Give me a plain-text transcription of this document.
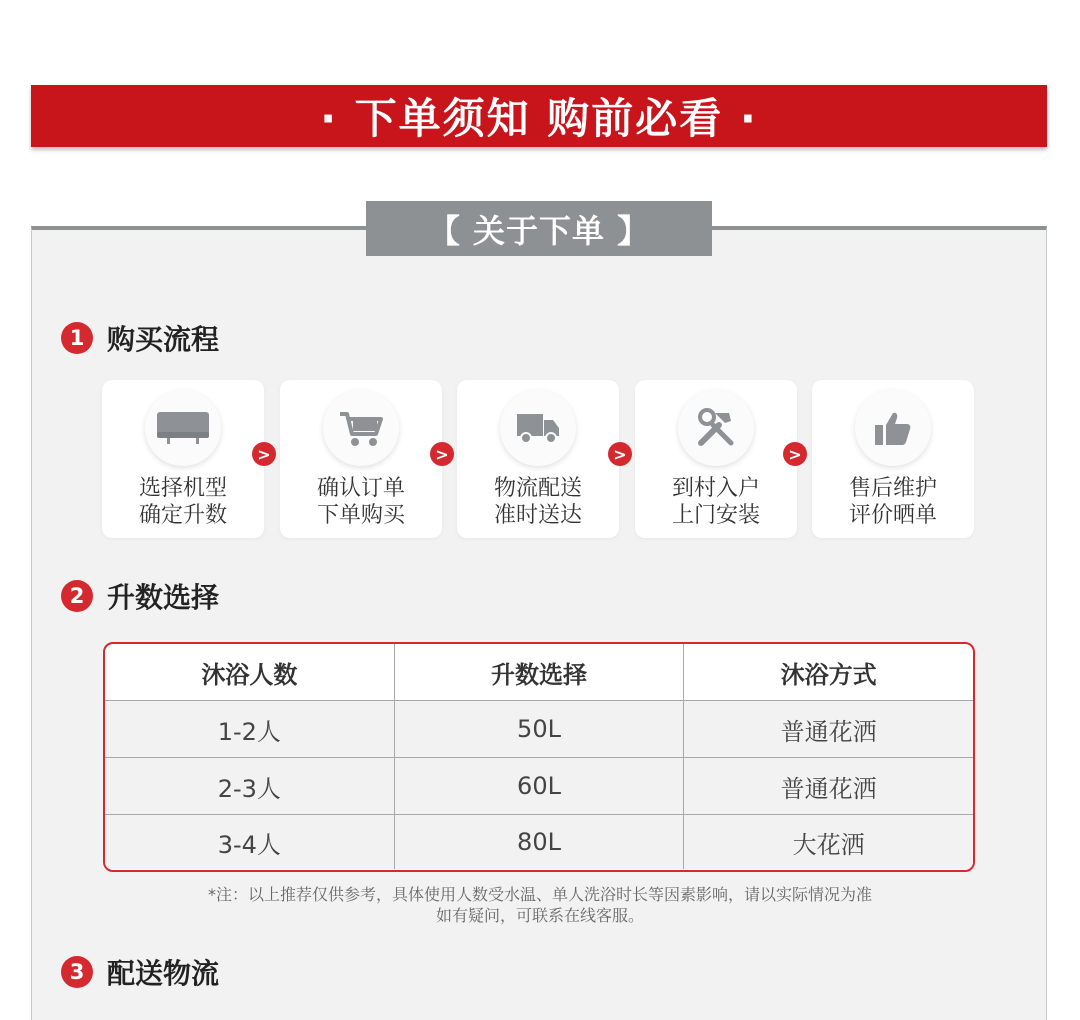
· 下单须知 购前必看 ·
【 关于下单 】
1 购买流程
选择机型
确定升数
>
确认订单
下单购买
>
物流配送
准时送达
>
到村入户
上门安装
>
售后维护
评价晒单
2 升数选择
沐浴人数	升数选择	沐浴方式
1-2人	50L	普通花洒
2-3人	60L	普通花洒
3-4人	80L	大花洒
*注：以上推荐仅供参考，具体使用人数受水温、单人洗浴时长等因素影响，请以实际情况为准
如有疑问，可联系在线客服。
3 配送物流
